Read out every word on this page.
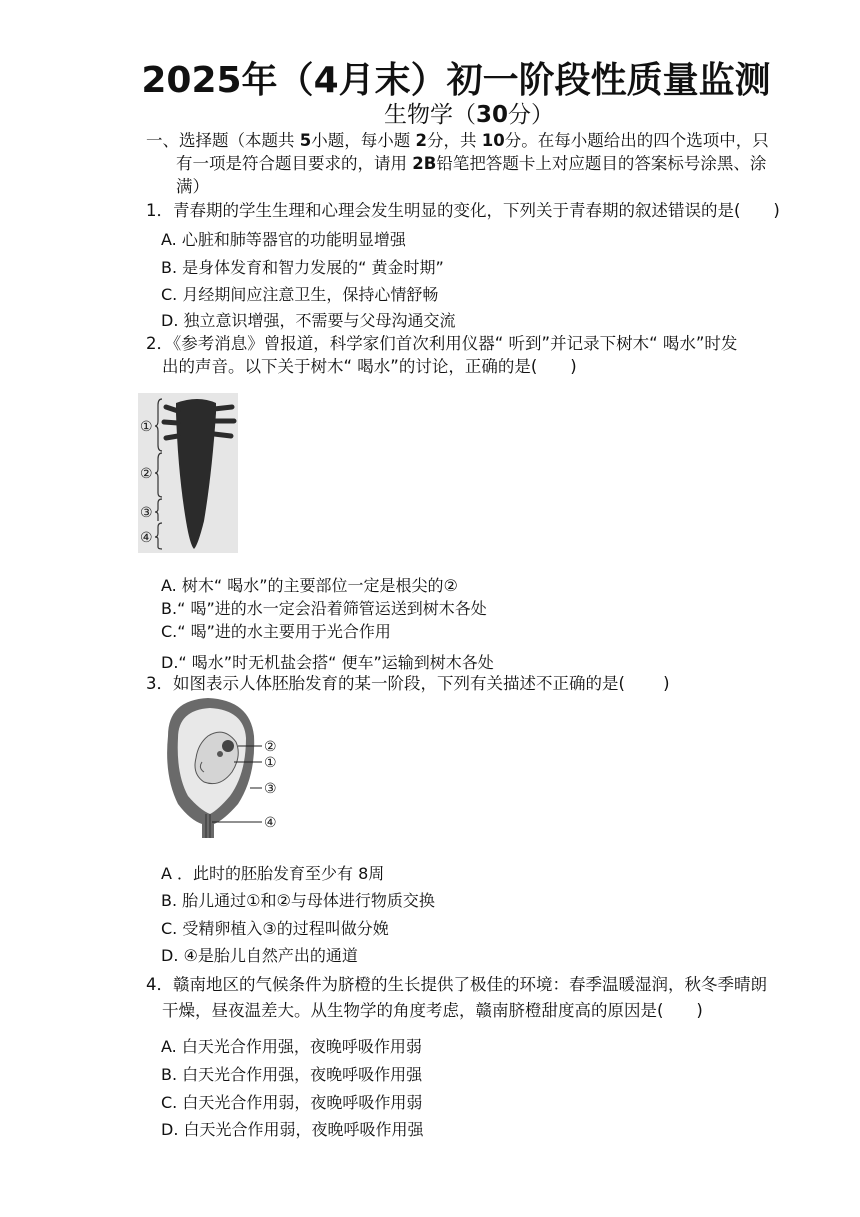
2025年（4月末）初一阶段性质量监测
生物学（30分）
一、选择题（本题共 5小题，每小题 2分，共 10分。在每小题给出的四个选项中，只
有一项是符合题目要求的，请用 2B铅笔把答题卡上对应题目的答案标号涂黑、涂
满）
1．青春期的学生生理和心理会发生明显的变化，下列关于青春期的叙述错误的是(　　)
A. 心脏和肺等器官的功能明显增强
B. 是身体发育和智力发展的“ 黄金时期”
C. 月经期间应注意卫生，保持心情舒畅
D. 独立意识增强，不需要与父母沟通交流
2．《参考消息》曾报道，科学家们首次利用仪器“ 听到”并记录下树木“ 喝水”时发
出的声音。以下关于树木“ 喝水”的讨论，正确的是(　　)
①
②
③
④
A. 树木“ 喝水”的主要部位一定是根尖的②
B.“ 喝”进的水一定会沿着筛管运送到树木各处
C.“ 喝”进的水主要用于光合作用
D.“ 喝水”时无机盐会搭“ 便车”运输到树木各处
3．如图表示人体胚胎发育的某一阶段，下列有关描述不正确的是(　　 )
②
①
③
④
A ．此时的胚胎发育至少有 8周
B. 胎儿通过①和②与母体进行物质交换
C. 受精卵植入③的过程叫做分娩
D. ④是胎儿自然产出的通道
4．赣南地区的气候条件为脐橙的生长提供了极佳的环境：春季温暖湿润，秋冬季晴朗
干燥，昼夜温差大。从生物学的角度考虑，赣南脐橙甜度高的原因是(　　)
A. 白天光合作用强，夜晚呼吸作用弱
B. 白天光合作用强，夜晚呼吸作用强
C. 白天光合作用弱，夜晚呼吸作用弱
D. 白天光合作用弱，夜晚呼吸作用强
